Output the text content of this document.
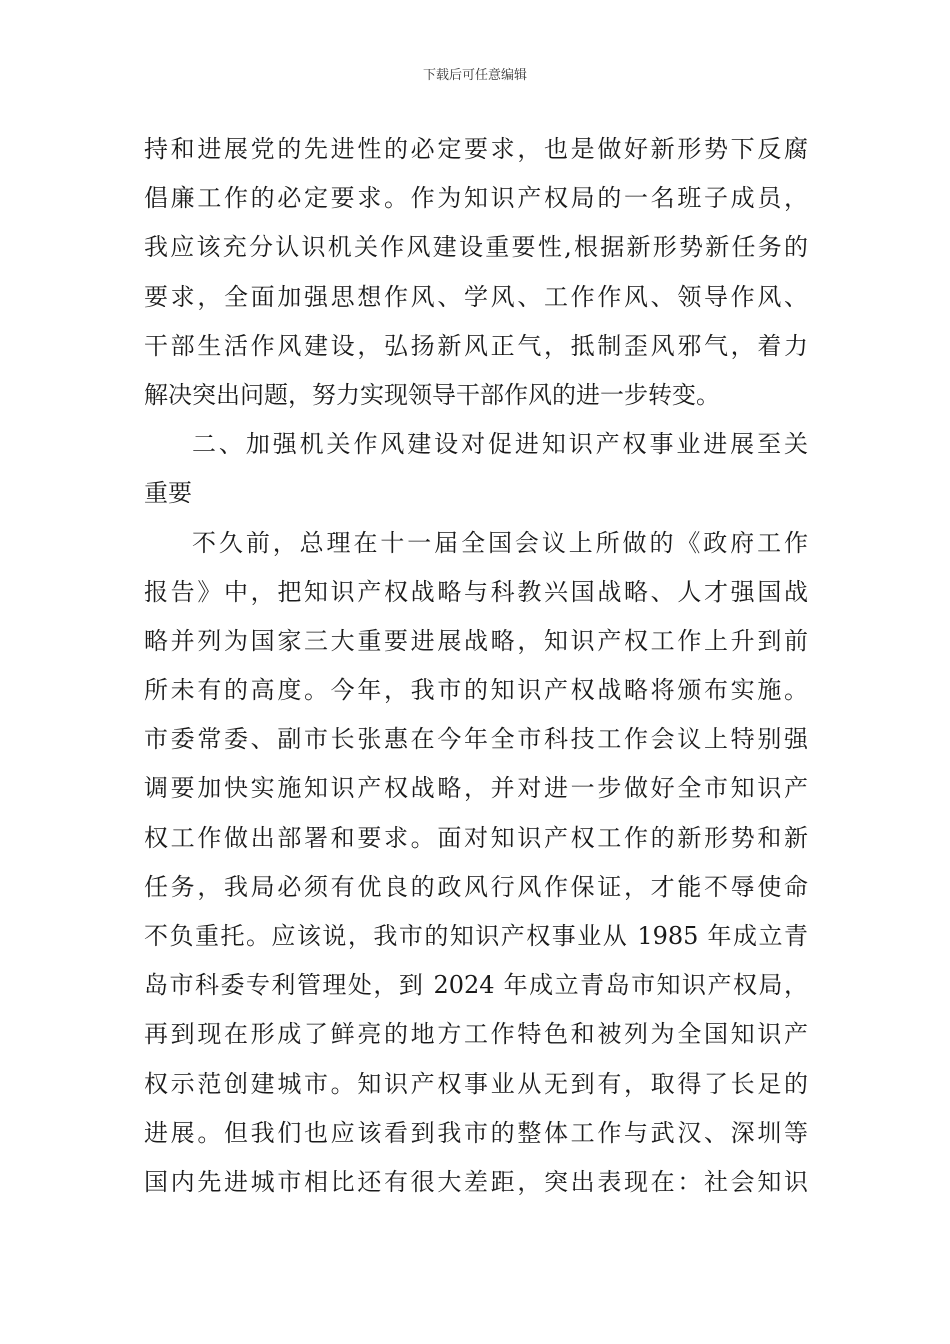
下载后可任意编辑
持和进展党的先进性的必定要求，也是做好新形势下反腐
倡廉工作的必定要求。作为知识产权局的一名班子成员，
我应该充分认识机关作风建设重要性,根据新形势新任务的
要求，全面加强思想作风、学风、工作作风、领导作风、
干部生活作风建设，弘扬新风正气，抵制歪风邪气，着力
解决突出问题，努力实现领导干部作风的进一步转变。
二、加强机关作风建设对促进知识产权事业进展至关
重要
不久前，总理在十一届全国会议上所做的《政府工作
报告》中，把知识产权战略与科教兴国战略、人才强国战
略并列为国家三大重要进展战略，知识产权工作上升到前
所未有的高度。今年，我市的知识产权战略将颁布实施。
市委常委、副市长张惠在今年全市科技工作会议上特别强
调要加快实施知识产权战略，并对进一步做好全市知识产
权工作做出部署和要求。面对知识产权工作的新形势和新
任务，我局必须有优良的政风行风作保证，才能不辱使命
不负重托。应该说，我市的知识产权事业从 1985 年成立青
岛市科委专利管理处，到 2024 年成立青岛市知识产权局，
再到现在形成了鲜亮的地方工作特色和被列为全国知识产
权示范创建城市。知识产权事业从无到有，取得了长足的
进展。但我们也应该看到我市的整体工作与武汉、深圳等
国内先进城市相比还有很大差距，突出表现在：社会知识
